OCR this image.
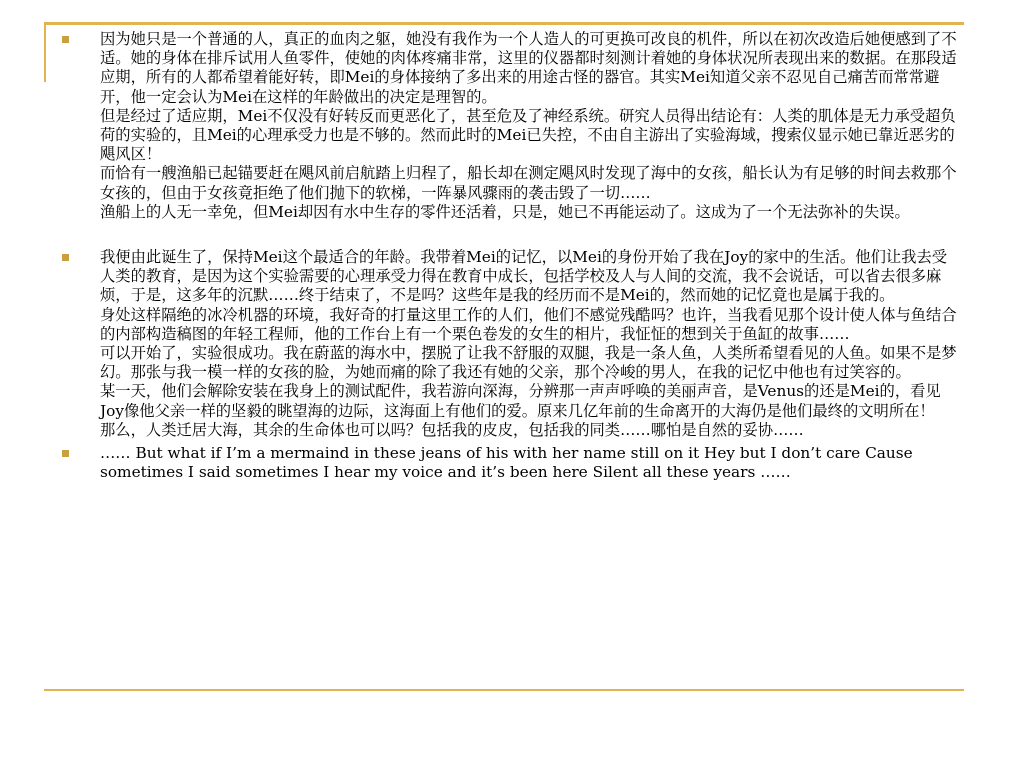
因为她只是一个普通的人，真正的血肉之躯，她没有我作为一个人造人的可更换可改良的机件，所以在初次改造后她便感到了不适。她的身体在排斥试用人鱼零件，使她的肉体疼痛非常，这里的仪器都时刻测计着她的身体状况所表现出来的数据。在那段适应期，所有的人都希望着能好转，即Mei的身体接纳了多出来的用途古怪的器官。其实Mei知道父亲不忍见自己痛苦而常常避开，他一定会认为Mei在这样的年龄做出的决定是理智的。

但是经过了适应期，Mei不仅没有好转反而更恶化了，甚至危及了神经系统。研究人员得出结论有：人类的肌体是无力承受超负荷的实验的，且Mei的心理承受力也是不够的。然而此时的Mei已失控，不由自主游出了实验海域，搜索仪显示她已靠近恶劣的飓风区！

而恰有一艘渔船已起锚要赶在飓风前启航踏上归程了，船长却在测定飓风时发现了海中的女孩，船长认为有足够的时间去救那个女孩的，但由于女孩竟拒绝了他们抛下的软梯，一阵暴风骤雨的袭击毁了一切……

渔船上的人无一幸免，但Mei却因有水中生存的零件还活着，只是，她已不再能运动了。这成为了一个无法弥补的失误。

我便由此诞生了，保持Mei这个最适合的年龄。我带着Mei的记忆，以Mei的身份开始了我在Joy的家中的生活。他们让我去受人类的教育，是因为这个实验需要的心理承受力得在教育中成长，包括学校及人与人间的交流，我不会说话，可以省去很多麻烦，于是，这多年的沉默……终于结束了，不是吗？这些年是我的经历而不是Mei的，然而她的记忆竟也是属于我的。

身处这样隔绝的冰冷机器的环境，我好奇的打量这里工作的人们，他们不感觉残酷吗？也许，当我看见那个设计使人体与鱼结合的内部构造稿图的年轻工程师，他的工作台上有一个栗色卷发的女生的相片，我怔怔的想到关于鱼缸的故事……

可以开始了，实验很成功。我在蔚蓝的海水中，摆脱了让我不舒服的双腿，我是一条人鱼，人类所希望看见的人鱼。如果不是梦幻。那张与我一模一样的女孩的脸，为她而痛的除了我还有她的父亲，那个冷峻的男人，在我的记忆中他也有过笑容的。

某一天，他们会解除安装在我身上的测试配件，我若游向深海，分辨那一声声呼唤的美丽声音，是Venus的还是Mei的，看见Joy像他父亲一样的坚毅的眺望海的边际，这海面上有他们的爱。原来几亿年前的生命离开的大海仍是他们最终的文明所在！

那么，人类迁居大海，其余的生命体也可以吗？包括我的皮皮，包括我的同类……哪怕是自然的妥协……

…… But what if I’m a mermaind in these jeans of his with her name still on it Hey but I don’t care Cause sometimes I said sometimes I hear my voice and it’s been here Silent all these years ……
